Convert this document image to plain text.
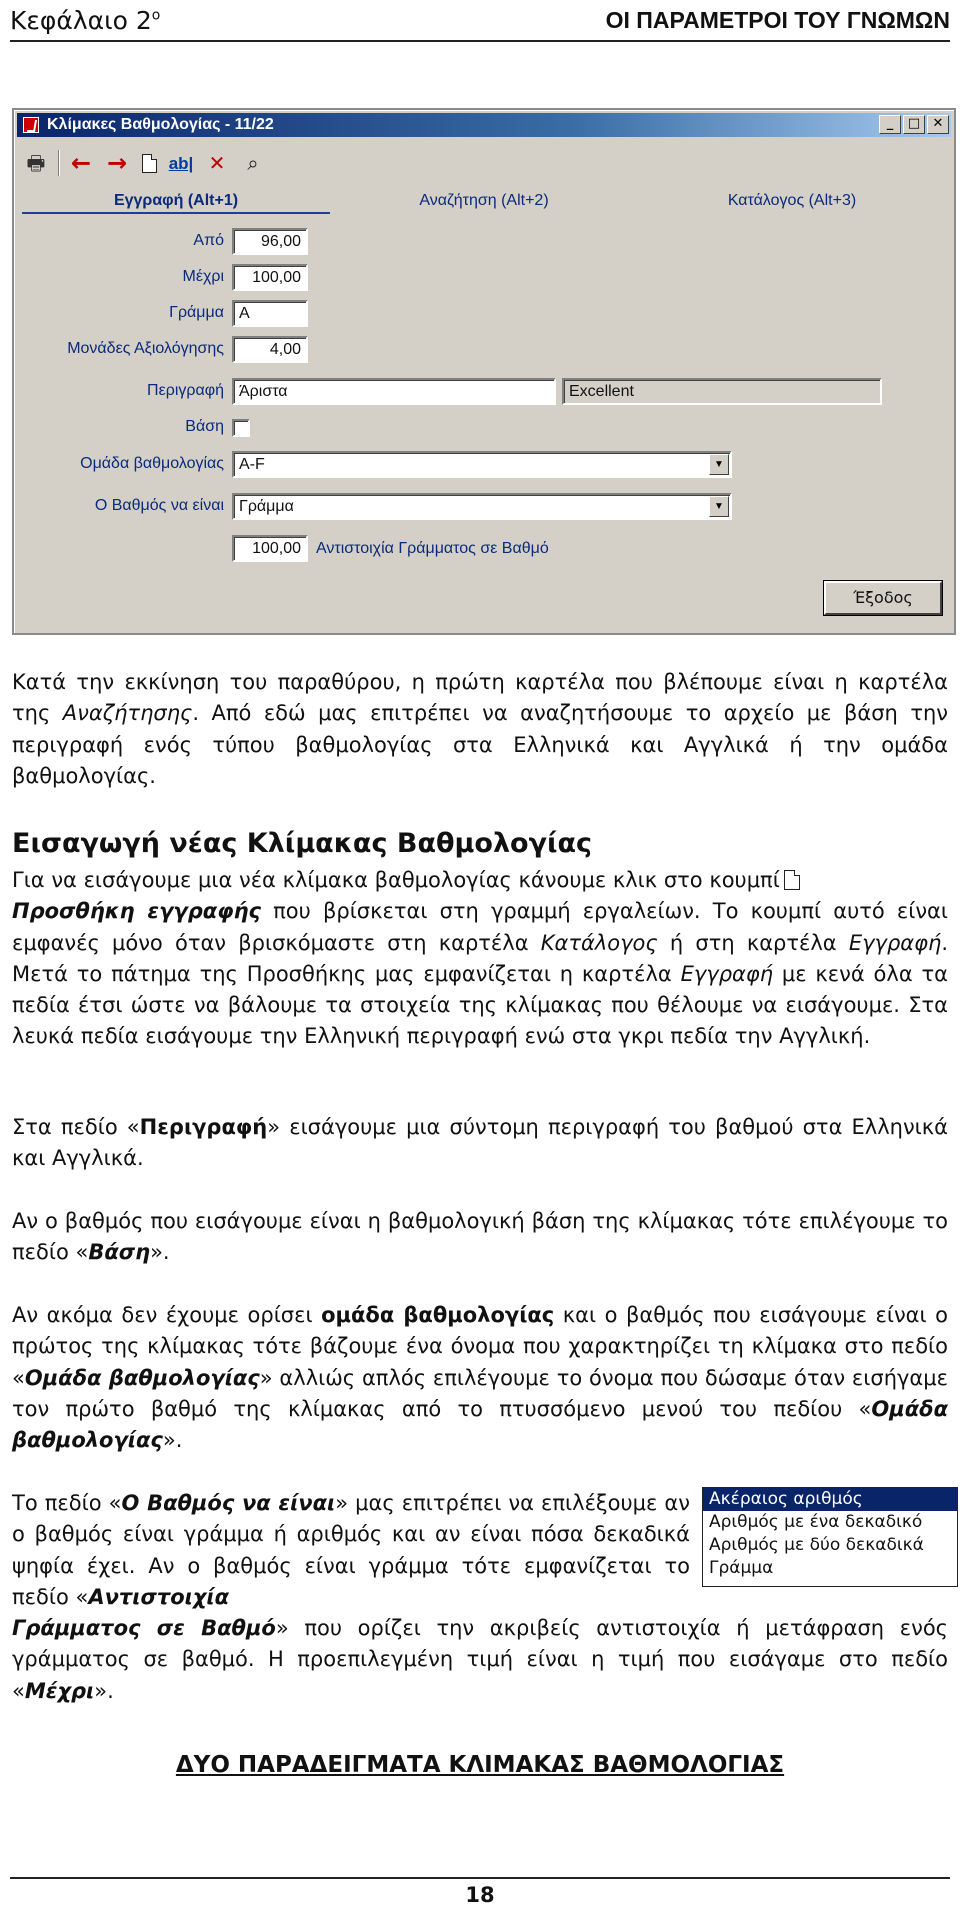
Κεφάλαιο $2^o$	ΟΙ ΠΑΡΑΜΕΤΡΟΙ ΤΟΥ ΓΝΩΜΩΝ
Κλίμακες Βαθμολογίας - 11/22	_	□ ✕
🖶 ← → ab| ✕	⌕
Εγγραφή (Alt+1)	Αναζήτηση (Alt+2)	Κατάλογος (Alt+3)
Από	96,00
Μέχρι	100,00
Γράμμα A
Μονάδες Αξιολόγησης	4,00
Περιγραφή Άριστα	Excellent
Βάση
Ομάδα βαθμολογίας A-F	▼
Ο Βαθμός να είναι Γράμμα	▼
100,00 Αντιστοιχία Γράμματος σε Βαθμό
Έξοδος
Κατά την εκκίνηση του παραθύρου, η πρώτη καρτέλα που βλέπουμε είναι η καρτέλα της Αναζήτησης. Από εδώ μας επιτρέπει να αναζητήσουμε το αρχείο με βάση την περιγραφή ενός τύπου βαθμολογίας στα Ελληνικά και Αγγλικά ή την ομάδα βαθμολογίας.
Εισαγωγή νέας Κλίμακας Βαθμολογίας
Για να εισάγουμε μια νέα κλίμακα βαθμολογίας κάνουμε κλικ στο κουμπί
Προσθήκη εγγραφής που βρίσκεται στη γραμμή εργαλείων. Το κουμπί αυτό είναι εμφανές μόνο όταν βρισκόμαστε στη καρτέλα Κατάλογος ή στη καρτέλα Εγγραφή. Μετά το πάτημα της Προσθήκης μας εμφανίζεται η καρτέλα Εγγραφή με κενά όλα τα πεδία έτσι ώστε να βάλουμε τα στοιχεία της κλίμακας που θέλουμε να εισάγουμε. Στα λευκά πεδία εισάγουμε την Ελληνική περιγραφή ενώ στα γκρι πεδία την Αγγλική.
Στα πεδίο «Περιγραφή» εισάγουμε μια σύντομη περιγραφή του βαθμού στα Ελληνικά και Αγγλικά.
Αν ο βαθμός που εισάγουμε είναι η βαθμολογική βάση της κλίμακας τότε επιλέγουμε το πεδίο «Βάση».
Αν ακόμα δεν έχουμε ορίσει ομάδα βαθμολογίας και ο βαθμός που εισάγουμε είναι ο πρώτος της κλίμακας τότε βάζουμε ένα όνομα που χαρακτηρίζει τη κλίμακα στο πεδίο «Ομάδα βαθμολογίας» αλλιώς απλός επιλέγουμε το όνομα που δώσαμε όταν εισήγαμε τον πρώτο βαθμό της κλίμακας από το πτυσσόμενο μενού του πεδίου «Ομάδα βαθμολογίας».
Το πεδίο «Ο Βαθμός να είναι» μας επιτρέπει να επιλέξουμε αν ο βαθμός είναι γράμμα ή αριθμός και αν είναι πόσα δεκαδικά ψηφία έχει. Αν ο βαθμός είναι γράμμα τότε εμφανίζεται το πεδίο «Αντιστοιχία
Γράμματος σε Βαθμό» που ορίζει την ακριβείς αντιστοιχία ή μετάφραση ενός γράμματος σε βαθμό. Η προεπιλεγμένη τιμή είναι η τιμή που εισάγαμε στο πεδίο «Μέχρι».
Ακέραιος αριθμός
Αριθμός με ένα δεκαδικό
Αριθμός με δύο δεκαδικά
Γράμμα
ΔΥΟ ΠΑΡΑΔΕΙΓΜΑΤΑ ΚΛΙΜΑΚΑΣ ΒΑΘΜΟΛΟΓΙΑΣ
18
